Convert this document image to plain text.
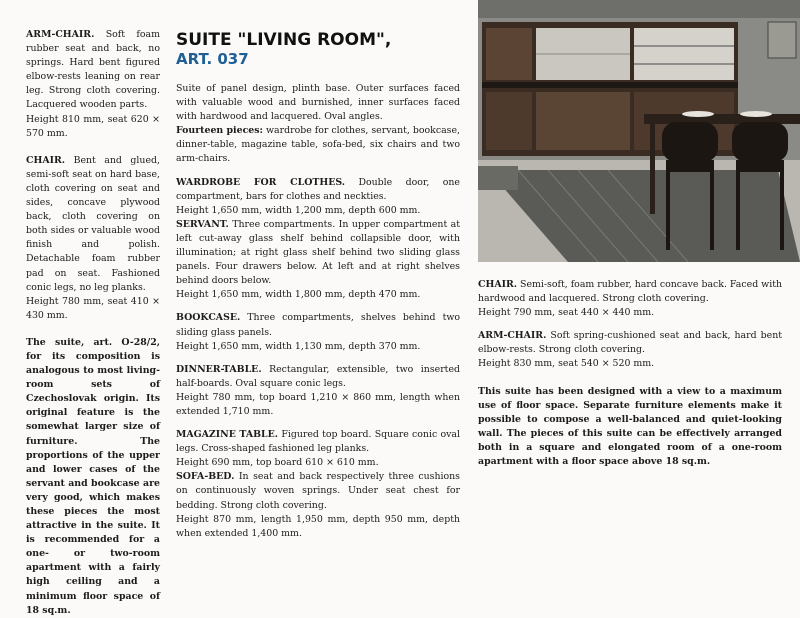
ARM-CHAIR. Soft foam rubber seat and back, no springs. Hard bent figured elbow-rests leaning on rear leg. Strong cloth covering. Lacquered wooden parts.

Height 810 mm, seat 620 × 570 mm.

CHAIR. Bent and glued, semi-soft seat on hard base, cloth covering on seat and sides, concave plywood back, cloth covering on both sides or valuable wood finish and polish. Detachable foam rubber pad on seat. Fashioned conic legs, no leg planks.

Height 780 mm, seat 410 × 430 mm.

The suite, art. O-28/2, for its composition is analogous to most living-room sets of Czechoslovak origin. Its original feature is the somewhat larger size of furniture. The proportions of the upper and lower cases of the servant and bookcase are very good, which makes these pieces the most attractive in the suite. It is recommended for a one- or two-room apartment with a fairly high ceiling and a minimum floor space of 18 sq.m.

SUITE "LIVING ROOM",

ART. 037

Suite of panel design, plinth base. Outer surfaces faced with valuable wood and burnished, inner surfaces faced with hardwood and lacquered. Oval angles.

Fourteen pieces: wardrobe for clothes, servant, bookcase, dinner-table, magazine table, sofa-bed, six chairs and two arm-chairs.

WARDROBE FOR CLOTHES. Double door, one compartment, bars for clothes and neckties.

Height 1,650 mm, width 1,200 mm, depth 600 mm.

SERVANT. Three compartments. In upper compartment at left cut-away glass shelf behind collapsible door, with illumination; at right glass shelf behind two sliding glass panels. Four drawers below. At left and at right shelves behind doors below.

Height 1,650 mm, width 1,800 mm, depth 470 mm.

BOOKCASE. Three compartments, shelves behind two sliding glass panels.

Height 1,650 mm, width 1,130 mm, depth 370 mm.

DINNER-TABLE. Rectangular, extensible, two inserted half-boards. Oval square conic legs.

Height 780 mm, top board 1,210 × 860 mm, length when extended 1,710 mm.

MAGAZINE TABLE. Figured top board. Square conic oval legs. Cross-shaped fashioned leg planks.

Height 690 mm, top board 610 × 610 mm.

SOFA-BED. In seat and back respectively three cushions on continuously woven springs. Under seat chest for bedding. Strong cloth covering.

Height 870 mm, length 1,950 mm, depth 950 mm, depth when extended 1,400 mm.

CHAIR. Semi-soft, foam rubber, hard concave back. Faced with hardwood and lacquered. Strong cloth covering.

Height 790 mm, seat 440 × 440 mm.

ARM-CHAIR. Soft spring-cushioned seat and back, hard bent elbow-rests. Strong cloth covering.

Height 830 mm, seat 540 × 520 mm.

This suite has been designed with a view to a maximum use of floor space. Separate furniture elements make it possible to compose a well-balanced and quiet-looking wall. The pieces of this suite can be effectively arranged both in a square and elongated room of a one-room apartment with a floor space above 18 sq.m.
